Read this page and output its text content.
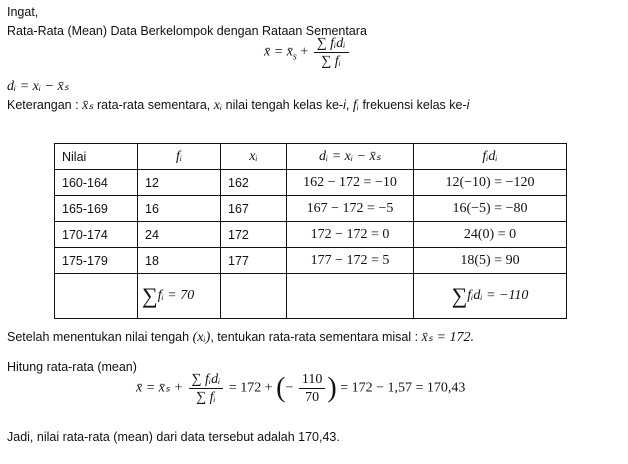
Ingat,
Rata-Rata (Mean) Data Berkelompok dengan Rataan Sementara
x̄ = $x̄_s + \frac{\text{∑ fᵢdᵢ}}{\text{∑ fᵢ}}$
dᵢ = xᵢ − x̄ₛ
Keterangan : x̄ₛ rata-rata sementara, xᵢ nilai tengah kelas ke-i, fᵢ frekuensi kelas ke-i
Nilai	fᵢ	xᵢ	dᵢ = xᵢ − x̄ₛ	fᵢdᵢ
160-164	12	162	162 − 172 = −10	12(−10) = −120
165-169	16	167	167 − 172 = −5	16(−5) = −80
170-174	24	172	172 − 172 = 0	24(0) = 0
175-179	18	177	177 − 172 = 5	18(5) = 90
	∑fᵢ = 70			∑fᵢdᵢ = −110
Setelah menentukan nilai tengah (xᵢ), tentukan rata-rata sementara misal : x̄ₛ = 172.
Hitung rata-rata (mean)
x̄ = x̄ₛ + $\frac{\text{∑ fᵢdᵢ}}{\text{∑ fᵢ}} = 172$ + (− $\frac{110}{70}$ ) = 172 − 1,57 = 170,43
Jadi, nilai rata-rata (mean) dari data tersebut adalah 170,43.
